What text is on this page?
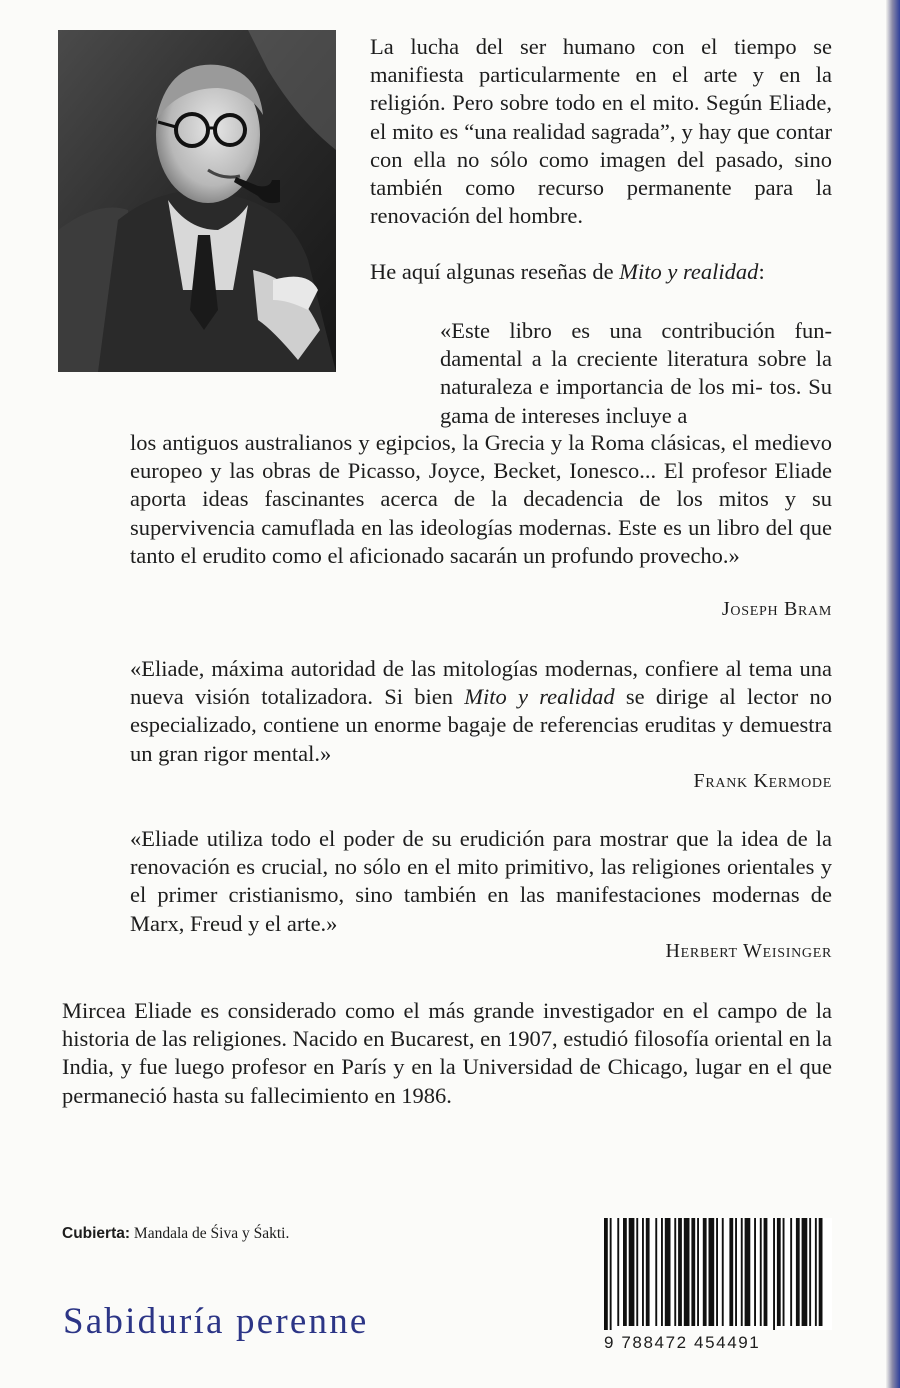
La lucha del ser humano con el tiempo se manifiesta particularmente en el arte y en la religión. Pero sobre todo en el mito. Según Eliade, el mito es “una realidad sagrada”, y hay que contar con ella no sólo como imagen del pasado, sino también como recurso permanente para la renovación del hombre.

He aquí algunas reseñas de Mito y realidad:

«Este libro es una contribución fun- damental a la creciente literatura sobre la naturaleza e importancia de los mi- tos. Su gama de intereses incluye a

los antiguos australianos y egipcios, la Grecia y la Roma clásicas, el medievo europeo y las obras de Picasso, Joyce, Becket, Ionesco... El profesor Eliade aporta ideas fascinantes acerca de la decadencia de los mitos y su supervivencia camuflada en las ideologías modernas. Este es un libro del que tanto el erudito como el aficionado sacarán un profundo provecho.»

Joseph Bram

«Eliade, máxima autoridad de las mitologías modernas, confiere al tema una nueva visión totalizadora. Si bien Mito y realidad se dirige al lector no especializado, contiene un enorme bagaje de referencias eruditas y demuestra un gran rigor mental.»

Frank Kermode

«Eliade utiliza todo el poder de su erudición para mostrar que la idea de la renovación es crucial, no sólo en el mito primitivo, las religiones orientales y el primer cristianismo, sino también en las manifestaciones modernas de Marx, Freud y el arte.»

Herbert Weisinger

Mircea Eliade es considerado como el más grande investigador en el campo de la historia de las religiones. Nacido en Bucarest, en 1907, estudió filosofía oriental en la India, y fue luego profesor en París y en la Universidad de Chicago, lugar en el que permaneció hasta su fallecimiento en 1986.

Cubierta: Mandala de Śiva y Śakti.

Sabiduría perenne

9 788472 454491
